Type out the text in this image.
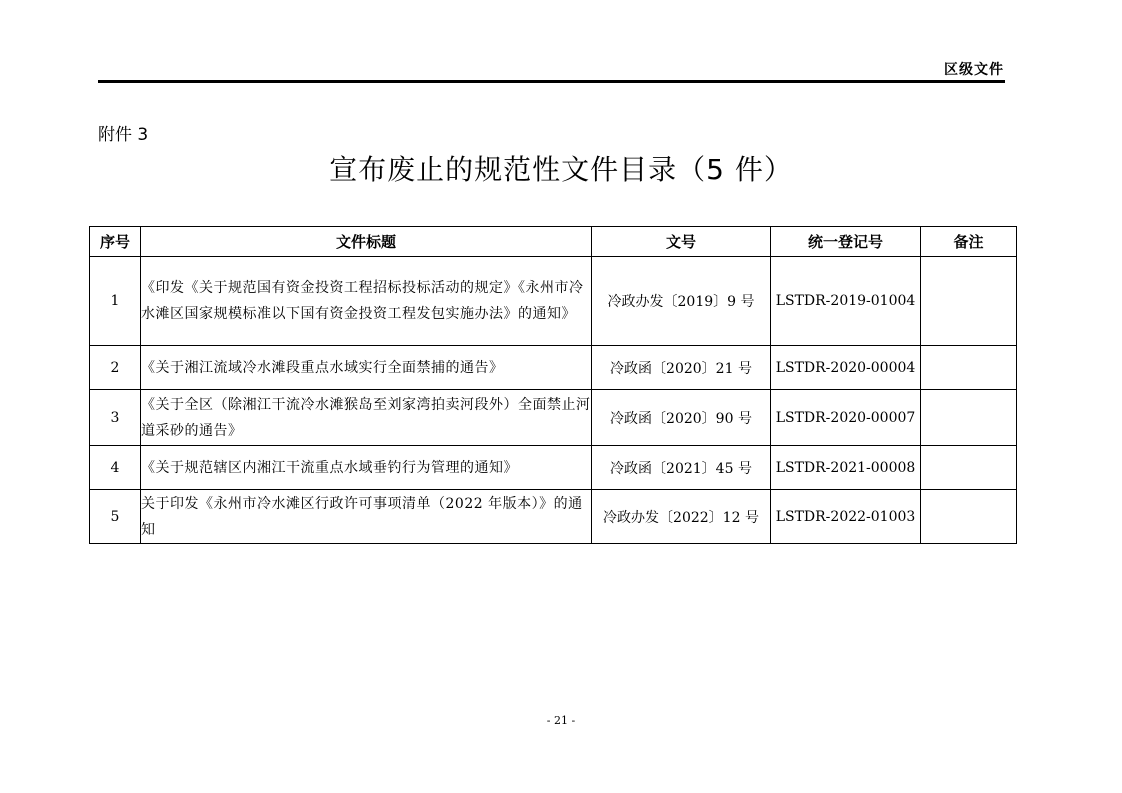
区级文件
附件 3
宣布废止的规范性文件目录（5 件）
序号	文件标题	文号	统一登记号	备注
1	《印发《关于规范国有资金投资工程招标投标活动的规定》《永州市冷水滩区国家规模标准以下国有资金投资工程发包实施办法》的通知》	冷政办发〔2019〕9 号	LSTDR-2019-01004	
2	《关于湘江流域冷水滩段重点水域实行全面禁捕的通告》	冷政函〔2020〕21 号	LSTDR-2020-00004	
3	《关于全区（除湘江干流冷水滩猴岛至刘家湾拍卖河段外）全面禁止河道采砂的通告》	冷政函〔2020〕90 号	LSTDR-2020-00007	
4	《关于规范辖区内湘江干流重点水域垂钓行为管理的通知》	冷政函〔2021〕45 号	LSTDR-2021-00008	
5	关于印发《永州市冷水滩区行政许可事项清单（2022 年版本）》的通知	冷政办发〔2022〕12 号	LSTDR-2022-01003	
- 21 -
